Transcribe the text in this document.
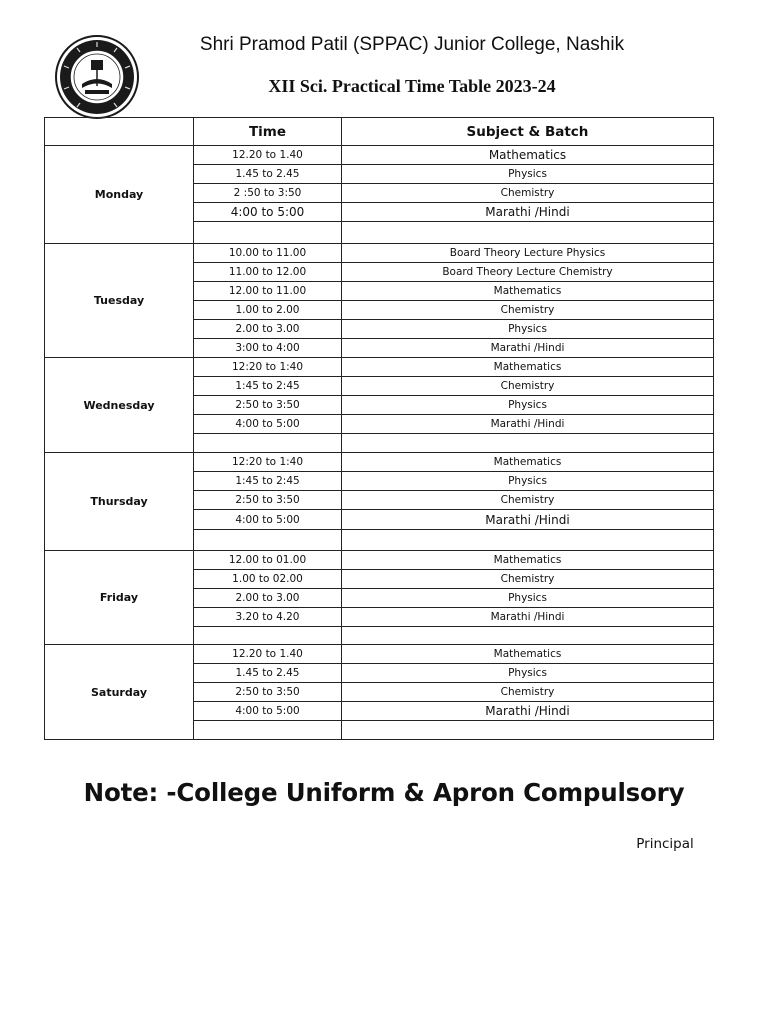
Shri Pramod Patil (SPPAC) Junior College, Nashik
XII Sci. Practical Time Table 2023-24
	Time	Subject & Batch
Monday	12.20 to 1.40	Mathematics
	1.45 to 2.45	Physics
	2 :50 to 3:50	Chemistry
	4:00 to 5:00	Marathi /Hindi

Tuesday	10.00 to 11.00	Board Theory Lecture Physics
	11.00 to 12.00	Board Theory Lecture Chemistry
	12.00 to 11.00	Mathematics
	1.00 to 2.00	Chemistry
	2.00 to 3.00	Physics
	3:00 to 4:00	Marathi /Hindi
Wednesday	12:20 to 1:40	Mathematics
	1:45 to 2:45	Chemistry
	2:50 to 3:50	Physics
	4:00 to 5:00	Marathi /Hindi

Thursday	12:20 to 1:40	Mathematics
	1:45 to 2:45	Physics
	2:50 to 3:50	Chemistry
	4:00 to 5:00	Marathi /Hindi

Friday	12.00 to 01.00	Mathematics
	1.00 to 02.00	Chemistry
	2.00 to 3.00	Physics
	3.20 to 4.20	Marathi /Hindi

Saturday	12.20 to 1.40	Mathematics
	1.45 to 2.45	Physics
	2:50 to 3:50	Chemistry
	4:00 to 5:00	Marathi /Hindi

Note: -College Uniform & Apron Compulsory
Principal
